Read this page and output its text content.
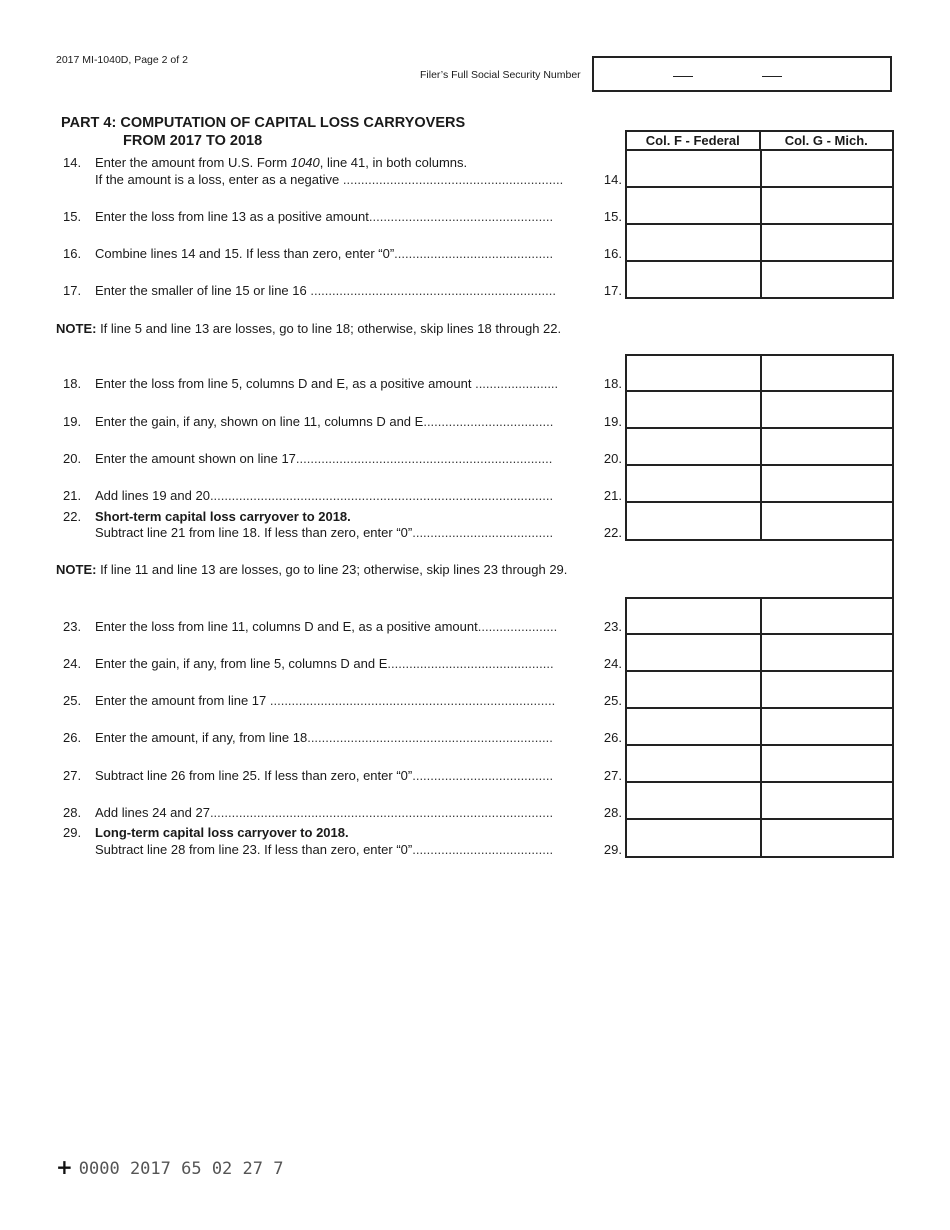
2017 MI-1040D, Page 2 of 2
Filer’s Full Social Security Number
PART 4: COMPUTATION OF CAPITAL LOSS CARRYOVERS
FROM 2017 TO 2018	Col. F - Federal	Col. G - Mich.
14. Enter the amount from U.S. Form 1040, line 41, in both columns.
If the amount is a loss, enter as a negative .............................................................	14.
15. Enter the loss from line 13 as a positive amount...................................................	15.
16. Combine lines 14 and 15. If less than zero, enter “0”............................................	16.
17. Enter the smaller of line 15 or line 16 ....................................................................	17.
NOTE: If line 5 and line 13 are losses, go to line 18; otherwise, skip lines 18 through 22.
18. Enter the loss from line 5, columns D and E, as a positive amount .......................	18.
19. Enter the gain, if any, shown on line 11, columns D and E....................................	19.
20. Enter the amount shown on line 17.......................................................................	20.
21. Add lines 19 and 20...............................................................................................	21.
22. Short-term capital loss carryover to 2018.
Subtract line 21 from line 18. If less than zero, enter “0”.......................................	22.
NOTE: If line 11 and line 13 are losses, go to line 23; otherwise, skip lines 23 through 29.
23. Enter the loss from line 11, columns D and E, as a positive amount......................	23.
24. Enter the gain, if any, from line 5, columns D and E..............................................	24.
25. Enter the amount from line 17 ...............................................................................	25.
26. Enter the amount, if any, from line 18....................................................................	26.
27. Subtract line 26 from line 25. If less than zero, enter “0”.......................................	27.
28. Add lines 24 and 27...............................................................................................	28.
29. Long-term capital loss carryover to 2018.
Subtract line 28 from line 23. If less than zero, enter “0”.......................................	29.
+ 0000 2017 65 02 27 7
